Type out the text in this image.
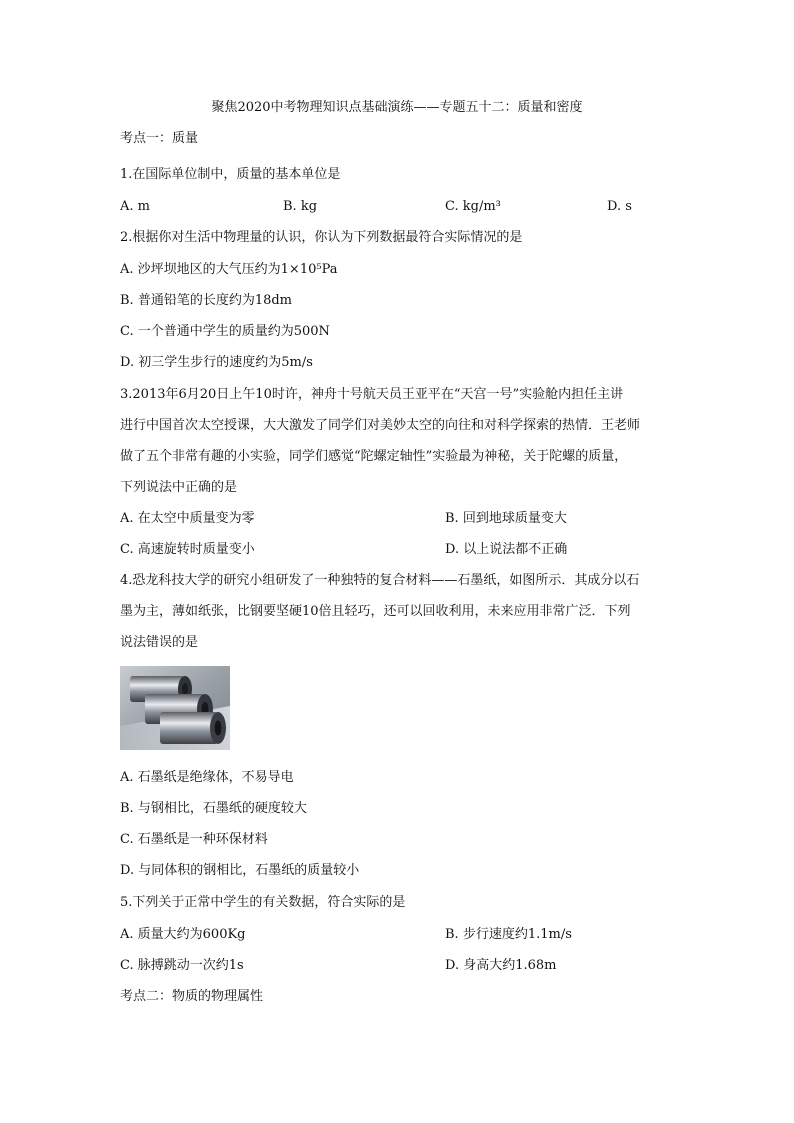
聚焦2020中考物理知识点基础演练——专题五十二：质量和密度
考点一：质量
1.在国际单位制中，质量的基本单位是
A. m	B. kg	C. kg/m³	D. s
2.根据你对生活中物理量的认识，你认为下列数据最符合实际情况的是
A. 沙坪坝地区的大气压约为1×10⁵Pa
B. 普通铅笔的长度约为18dm
C. 一个普通中学生的质量约为500N
D. 初三学生步行的速度约为5m/s
3.2013年6月20日上午10时许，神舟十号航天员王亚平在“天宫一号”实验舱内担任主讲
进行中国首次太空授课，大大激发了同学们对美妙太空的向往和对科学探索的热情．王老师
做了五个非常有趣的小实验，同学们感觉“陀螺定轴性”实验最为神秘，关于陀螺的质量，
下列说法中正确的是
A. 在太空中质量变为零	B. 回到地球质量变大
C. 高速旋转时质量变小	D. 以上说法都不正确
4.恐龙科技大学的研究小组研发了一种独特的复合材料——石墨纸，如图所示．其成分以石
墨为主，薄如纸张，比钢要坚硬10倍且轻巧，还可以回收利用，未来应用非常广泛．下列
说法错误的是
A. 石墨纸是绝缘体，不易导电
B. 与钢相比，石墨纸的硬度较大
C. 石墨纸是一种环保材料
D. 与同体积的钢相比，石墨纸的质量较小
5.下列关于正常中学生的有关数据，符合实际的是
A. 质量大约为600Kg	B. 步行速度约1.1m/s
C. 脉搏跳动一次约1s	D. 身高大约1.68m
考点二：物质的物理属性
